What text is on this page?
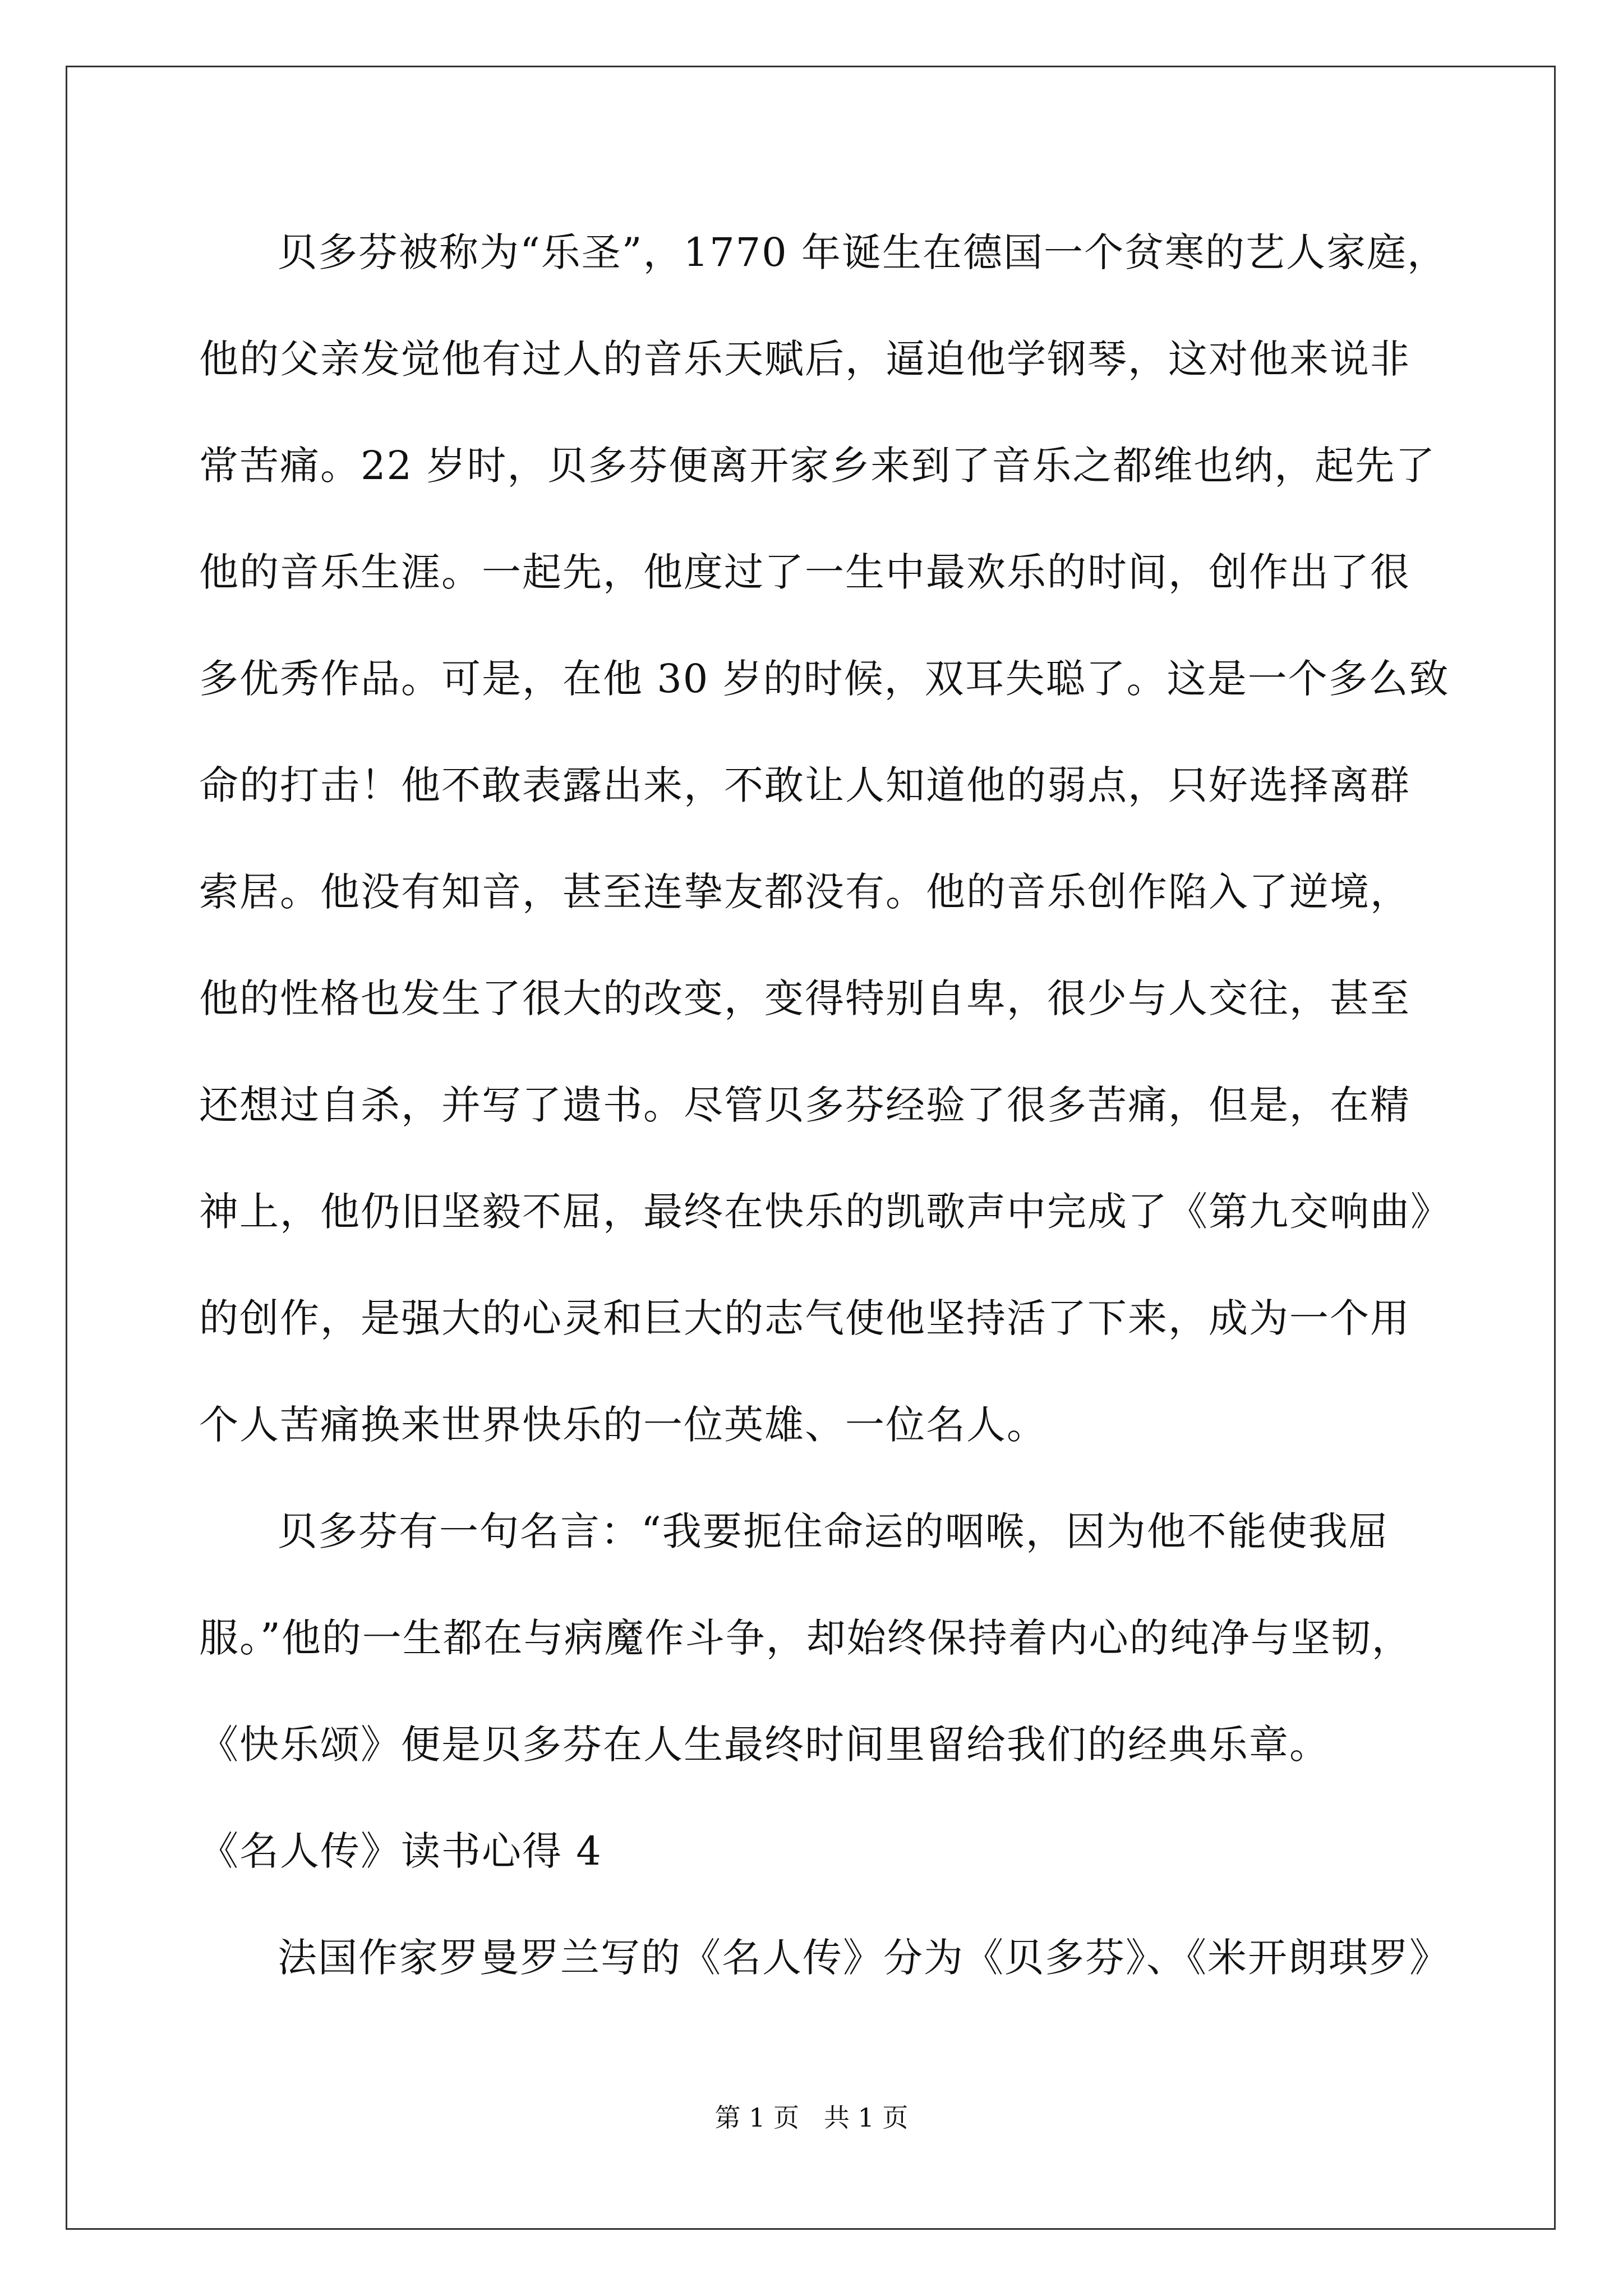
贝多芬被称为“乐圣”，1770 年诞生在德国一个贫寒的艺人家庭，
他的父亲发觉他有过人的音乐天赋后，逼迫他学钢琴，这对他来说非
常苦痛。22 岁时，贝多芬便离开家乡来到了音乐之都维也纳，起先了
他的音乐生涯。一起先，他度过了一生中最欢乐的时间，创作出了很
多优秀作品。可是，在他 30 岁的时候，双耳失聪了。这是一个多么致
命的打击！他不敢表露出来，不敢让人知道他的弱点，只好选择离群
索居。他没有知音，甚至连挚友都没有。他的音乐创作陷入了逆境，
他的性格也发生了很大的改变，变得特别自卑，很少与人交往，甚至
还想过自杀，并写了遗书。尽管贝多芬经验了很多苦痛，但是，在精
神上，他仍旧坚毅不屈，最终在快乐的凯歌声中完成了《第九交响曲》
的创作，是强大的心灵和巨大的志气使他坚持活了下来，成为一个用
个人苦痛换来世界快乐的一位英雄、一位名人。
贝多芬有一句名言：“我要扼住命运的咽喉，因为他不能使我屈
服。”他的一生都在与病魔作斗争，却始终保持着内心的纯净与坚韧，
《快乐颂》便是贝多芬在人生最终时间里留给我们的经典乐章。
《名人传》读书心得 4
法国作家罗曼罗兰写的《名人传》分为《贝多芬》、《米开朗琪罗》
第 1 页   共 1 页
